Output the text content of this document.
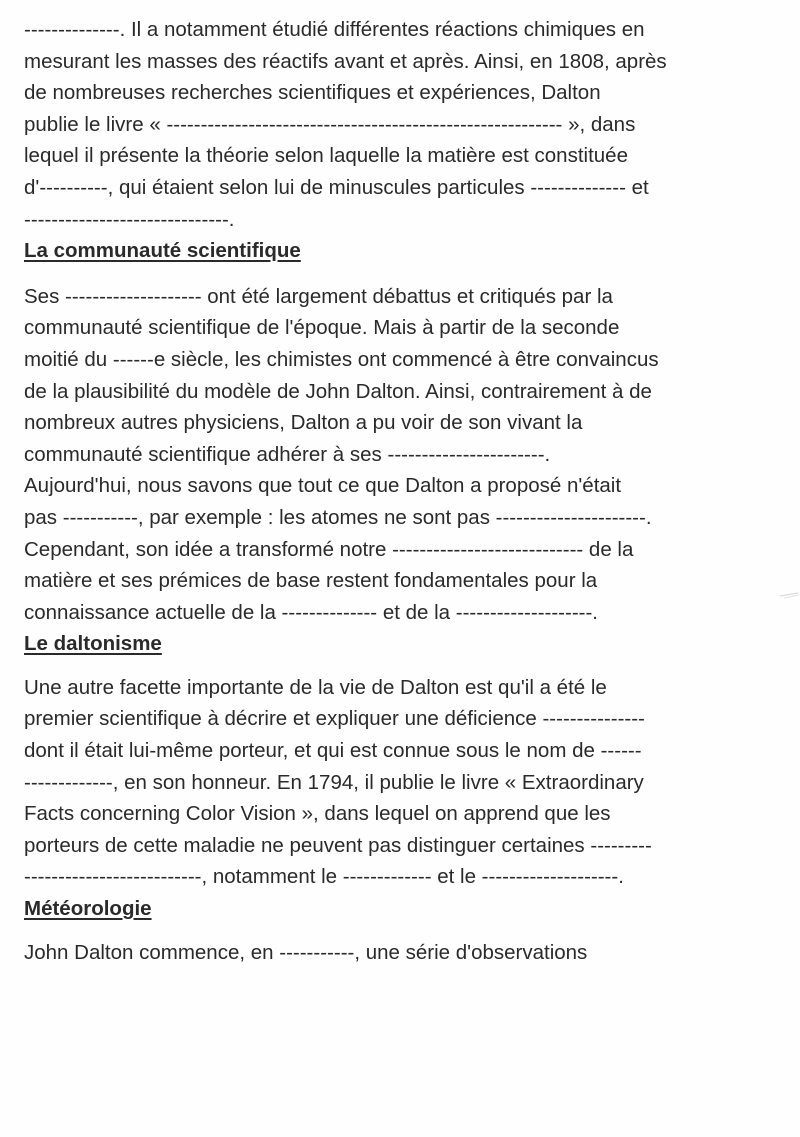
--------------. Il a notamment étudié différentes réactions chimiques en
mesurant les masses des réactifs avant et après. Ainsi, en 1808, après
de nombreuses recherches scientifiques et expériences, Dalton
publie le livre « ---------------------------------------------------------- », dans
lequel il présente la théorie selon laquelle la matière est constituée
d'----------, qui étaient selon lui de minuscules particules -------------- et
------------------------------.

La communauté scientifique

Ses -------------------- ont été largement débattus et critiqués par la
communauté scientifique de l'époque. Mais à partir de la seconde
moitié du ------e siècle, les chimistes ont commencé à être convaincus
de la plausibilité du modèle de John Dalton. Ainsi, contrairement à de
nombreux autres physiciens, Dalton a pu voir de son vivant la
communauté scientifique adhérer à ses -----------------------.

Aujourd'hui, nous savons que tout ce que Dalton a proposé n'était
pas -----------, par exemple : les atomes ne sont pas ----------------------.
Cependant, son idée a transformé notre ---------------------------- de la
matière et ses prémices de base restent fondamentales pour la
connaissance actuelle de la -------------- et de la --------------------.

Le daltonisme

Une autre facette importante de la vie de Dalton est qu'il a été le
premier scientifique à décrire et expliquer une déficience ---------------
dont il était lui-même porteur, et qui est connue sous le nom de ------
-------------, en son honneur. En 1794, il publie le livre « Extraordinary
Facts concerning Color Vision », dans lequel on apprend que les
porteurs de cette maladie ne peuvent pas distinguer certaines ---------
--------------------------, notamment le ------------- et le --------------------.

Météorologie

John Dalton commence, en -----------, une série d'observations
